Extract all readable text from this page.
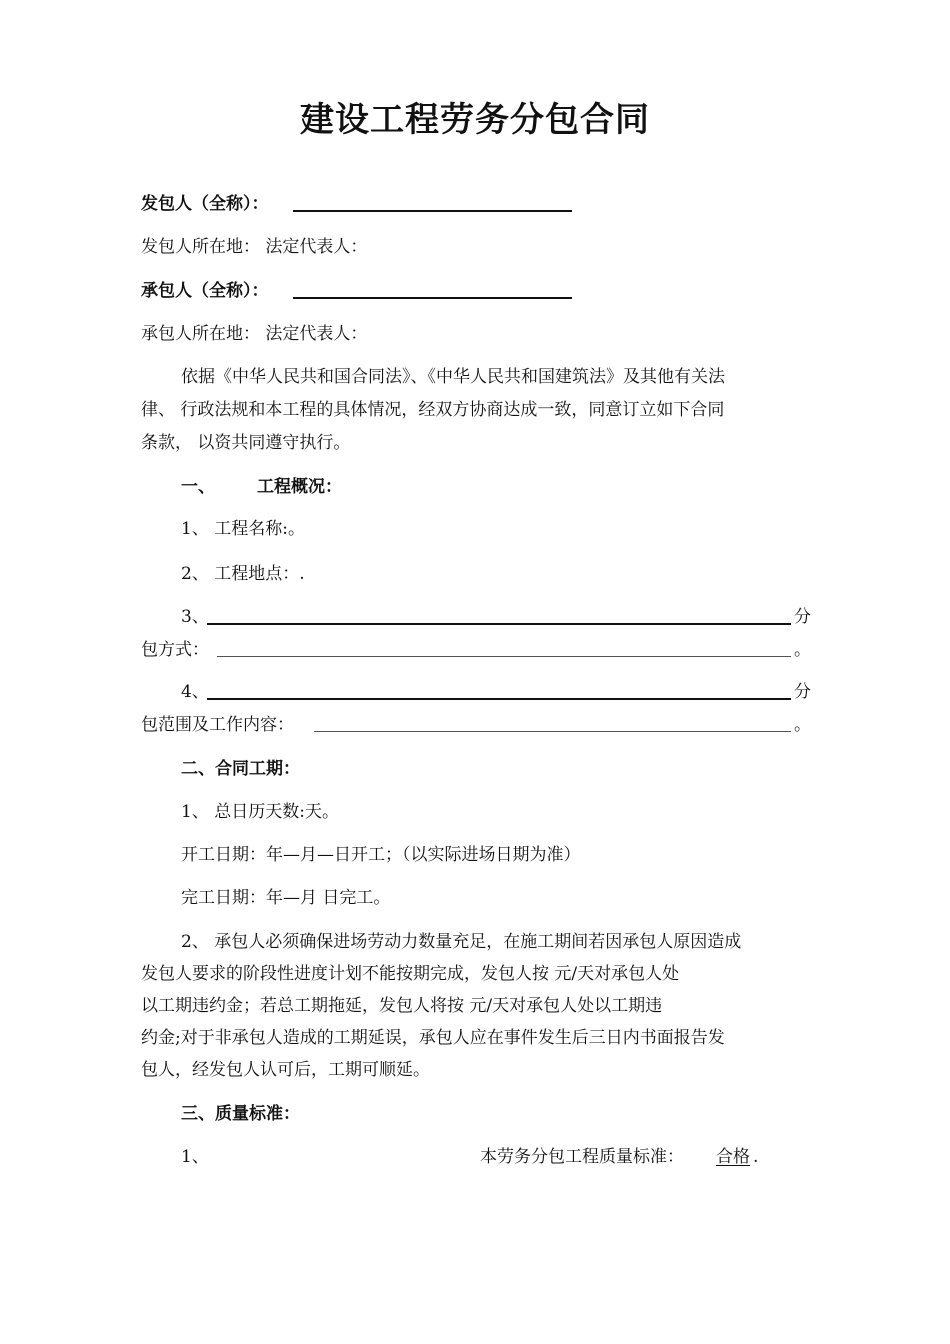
建设工程劳务分包合同
发包人（全称）：
发包人所在地： 法定代表人：
承包人（全称）：
承包人所在地： 法定代表人：
依据《中华人民共和国合同法》、《中华人民共和国建筑法》及其他有关法
律、 行政法规和本工程的具体情况，经双方协商达成一致，同意订立如下合同
条款， 以资共同遵守执行。
一、 工程概况：
1、 工程名称:。
2、 工程地点：.
3、	分
包方式：	。
4、	分
包范围及工作内容：	。
二、合同工期：
1、 总日历天数:天。
开工日期：年—月—日开工；（以实际进场日期为准）
完工日期：年—月 日完工。
2、 承包人必须确保进场劳动力数量充足，在施工期间若因承包人原因造成
发包人要求的阶段性进度计划不能按期完成，发包人按 元/天对承包人处
以工期违约金；若总工期拖延，发包人将按 元/天对承包人处以工期违
约金;对于非承包人造成的工期延误，承包人应在事件发生后三日内书面报告发
包人，经发包人认可后，工期可顺延。
三、质量标准：
1、	本劳务分包工程质量标准： 合格 .
